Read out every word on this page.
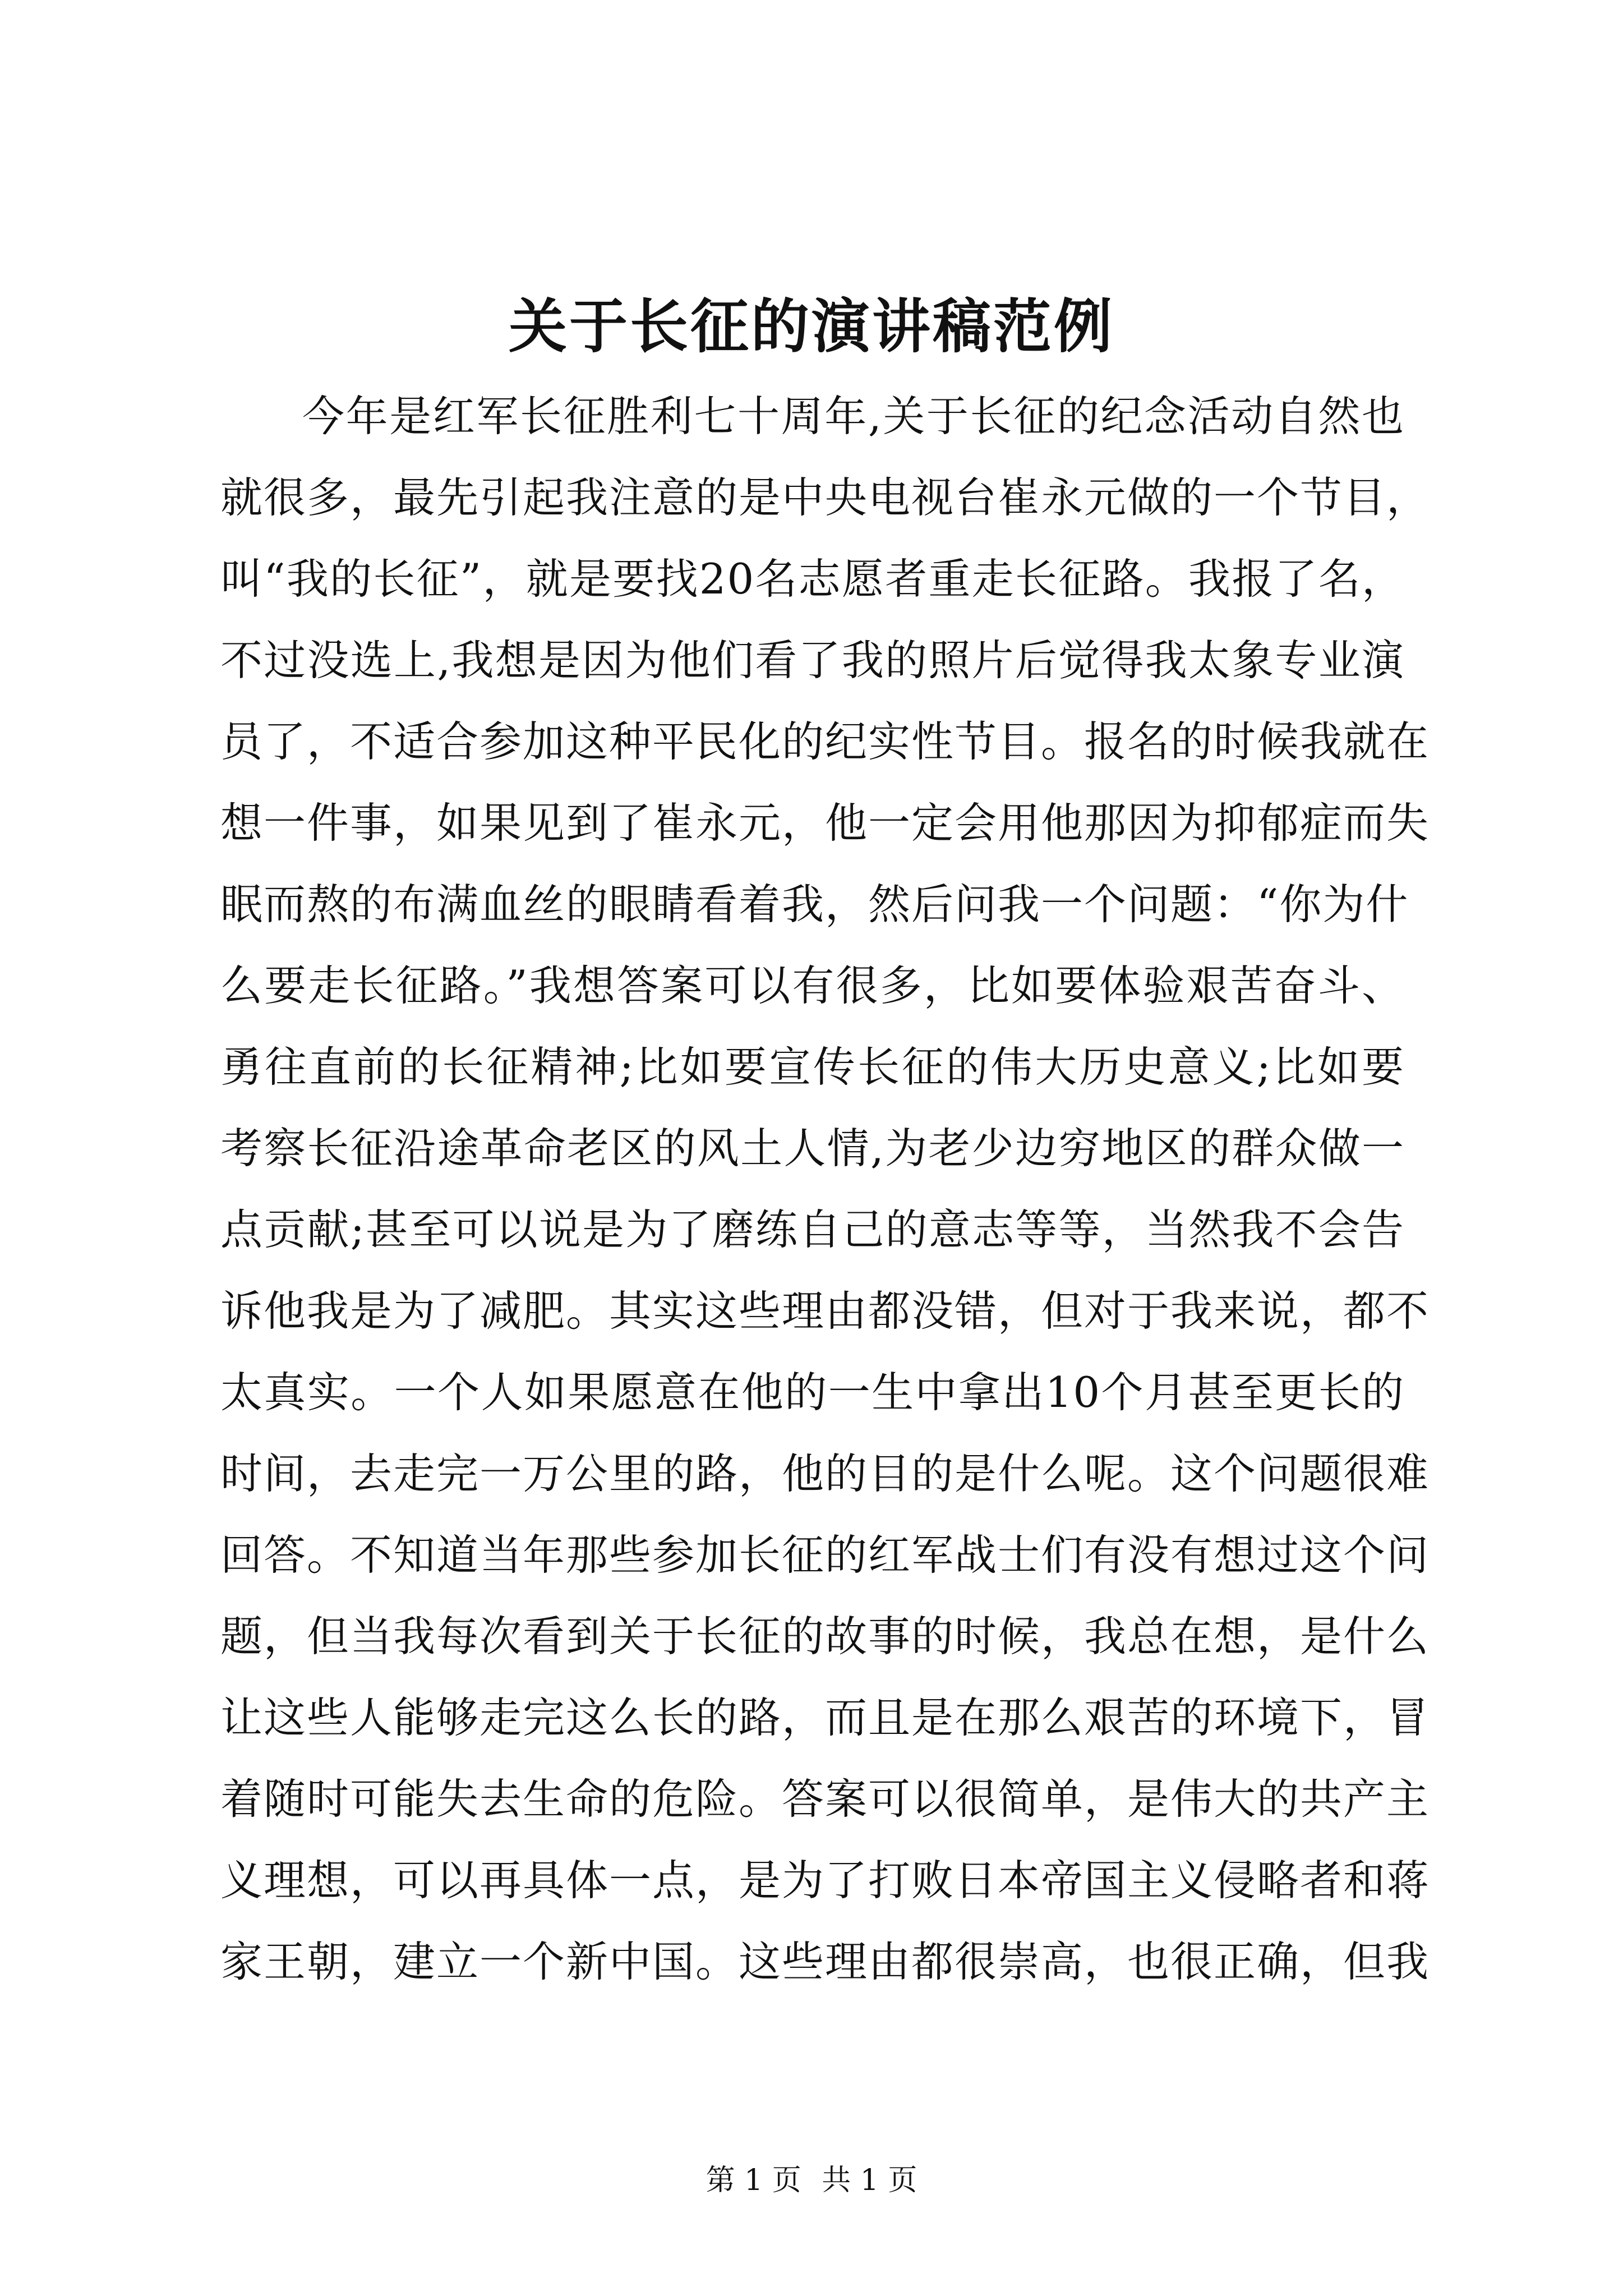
关于长征的演讲稿范例
今年是红军长征胜利七十周年,关于长征的纪念活动自然也
就很多，最先引起我注意的是中央电视台崔永元做的一个节目，
叫“我的长征”，就是要找20名志愿者重走长征路。我报了名，
不过没选上,我想是因为他们看了我的照片后觉得我太象专业演
员了，不适合参加这种平民化的纪实性节目。报名的时候我就在
想一件事，如果见到了崔永元，他一定会用他那因为抑郁症而失
眠而熬的布满血丝的眼睛看着我，然后问我一个问题：“你为什
么要走长征路。”我想答案可以有很多，比如要体验艰苦奋斗、
勇往直前的长征精神;比如要宣传长征的伟大历史意义;比如要
考察长征沿途革命老区的风土人情,为老少边穷地区的群众做一
点贡献;甚至可以说是为了磨练自己的意志等等，当然我不会告
诉他我是为了减肥。其实这些理由都没错，但对于我来说，都不
太真实。一个人如果愿意在他的一生中拿出10个月甚至更长的
时间，去走完一万公里的路，他的目的是什么呢。这个问题很难
回答。不知道当年那些参加长征的红军战士们有没有想过这个问
题，但当我每次看到关于长征的故事的时候，我总在想，是什么
让这些人能够走完这么长的路，而且是在那么艰苦的环境下，冒
着随时可能失去生命的危险。答案可以很简单，是伟大的共产主
义理想，可以再具体一点，是为了打败日本帝国主义侵略者和蒋
家王朝，建立一个新中国。这些理由都很崇高，也很正确，但我
第 1 页 共 1 页
